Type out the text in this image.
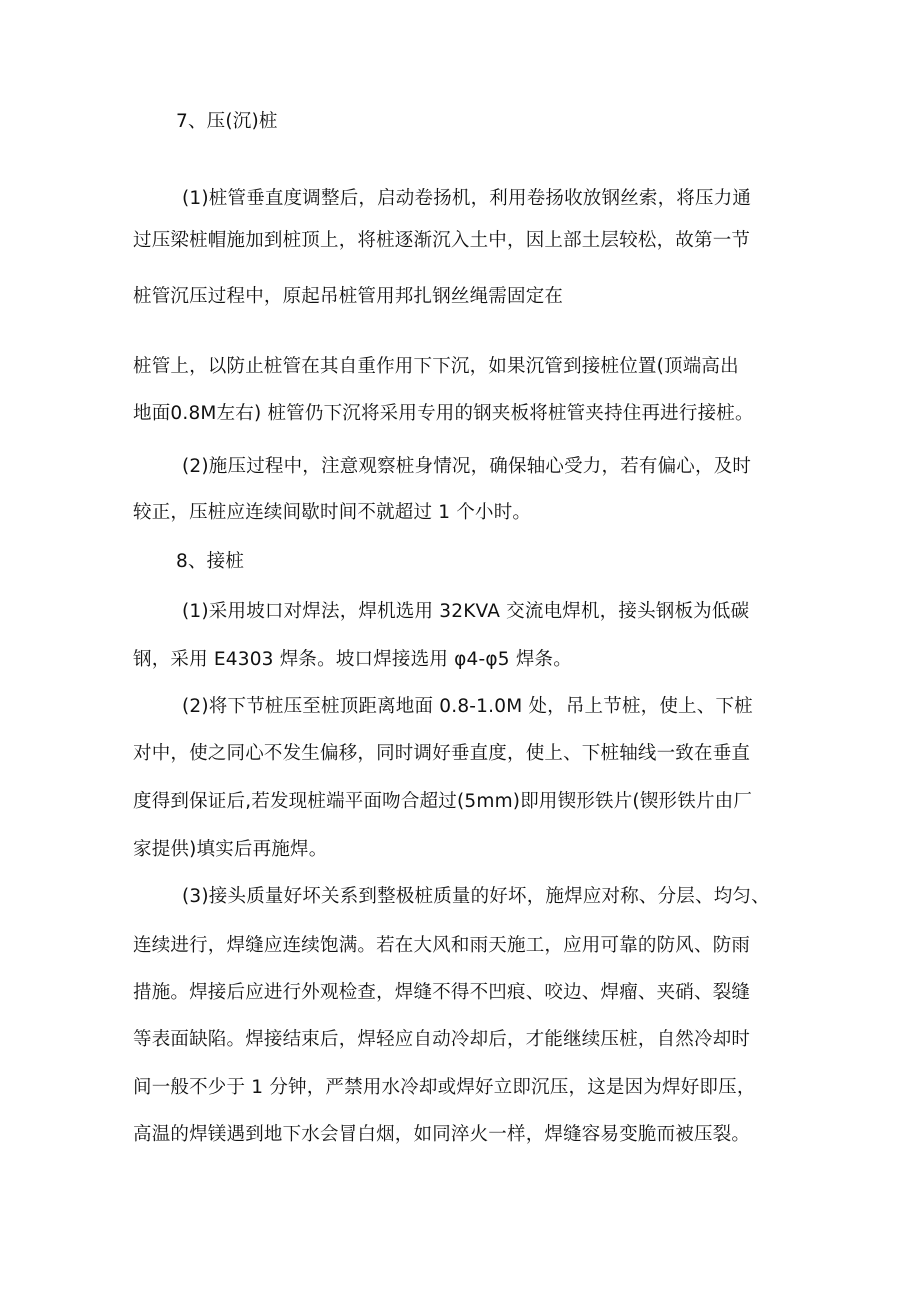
7、压(沉)桩
(1)桩管垂直度调整后，启动卷扬机，利用卷扬收放钢丝索，将压力通
过压梁桩帽施加到桩顶上，将桩逐渐沉入土中，因上部土层较松，故第一节
桩管沉压过程中，原起吊桩管用邦扎钢丝绳需固定在
桩管上，以防止桩管在其自重作用下下沉，如果沉管到接桩位置(顶端高出
地面0.8M左右) 桩管仍下沉将采用专用的钢夹板将桩管夹持住再进行接桩。
(2)施压过程中，注意观察桩身情况，确保轴心受力，若有偏心，及时
较正，压桩应连续间歇时间不就超过 1 个小时。
8、接桩
(1)采用坡口对焊法，焊机选用 32KVA 交流电焊机，接头钢板为低碳
钢，采用 E4303 焊条。坡口焊接选用 φ4-φ5 焊条。
(2)将下节桩压至桩顶距离地面 0.8-1.0M 处，吊上节桩，使上、下桩
对中，使之同心不发生偏移，同时调好垂直度，使上、下桩轴线一致在垂直
度得到保证后,若发现桩端平面吻合超过(5mm)即用锲形铁片(锲形铁片由厂
家提供)填实后再施焊。
(3)接头质量好坏关系到整极桩质量的好坏，施焊应对称、分层、均匀、
连续进行，焊缝应连续饱满。若在大风和雨天施工，应用可靠的防风、防雨
措施。焊接后应进行外观检查，焊缝不得不凹痕、咬边、焊瘤、夹硝、裂缝
等表面缺陷。焊接结束后，焊轻应自动冷却后，才能继续压桩，自然冷却时
间一般不少于 1 分钟，严禁用水冷却或焊好立即沉压，这是因为焊好即压，
高温的焊镁遇到地下水会冒白烟，如同淬火一样，焊缝容易变脆而被压裂。
